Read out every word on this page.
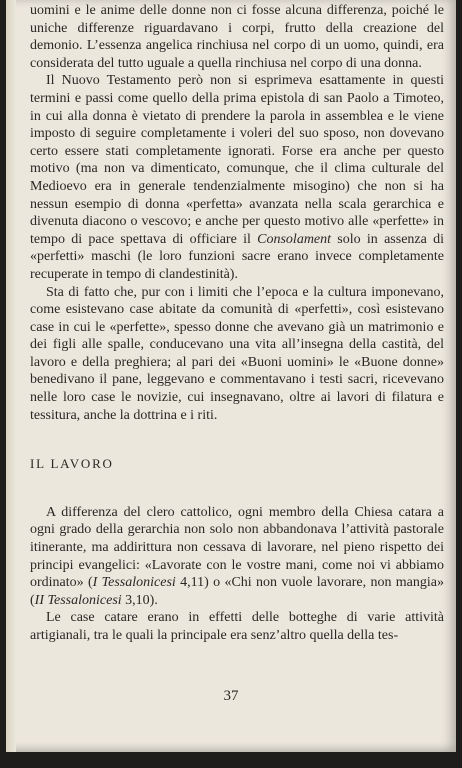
uomini e le anime delle donne non ci fosse alcuna differenza, poiché le uniche differenze riguardavano i corpi, frutto della creazione del demonio. L’essenza angelica rinchiusa nel corpo di un uomo, quindi, era considerata del tutto uguale a quella rinchiusa nel corpo di una donna.

Il Nuovo Testamento però non si esprimeva esattamente in questi termini e passi come quello della prima epistola di san Paolo a Timoteo, in cui alla donna è vietato di prendere la parola in assemblea e le viene imposto di seguire completamente i voleri del suo sposo, non dovevano certo essere stati completamente ignorati. Forse era anche per questo motivo (ma non va dimenticato, comunque, che il clima culturale del Medioevo era in generale tendenzialmente misogino) che non si ha nessun esempio di donna «perfetta» avanzata nella scala gerarchica e divenuta diacono o vescovo; e anche per questo motivo alle «perfette» in tempo di pace spettava di officiare il Consolament solo in assenza di «perfetti» maschi (le loro funzioni sacre erano invece completamente recuperate in tempo di clandestinità).

Sta di fatto che, pur con i limiti che l’epoca e la cultura imponevano, come esistevano case abitate da comunità di «perfetti», così esistevano case in cui le «perfette», spesso donne che avevano già un matrimonio e dei figli alle spalle, conducevano una vita all’insegna della castità, del lavoro e della preghiera; al pari dei «Buoni uomini» le «Buone donne» benedivano il pane, leggevano e commentavano i testi sacri, ricevevano nelle loro case le novizie, cui insegnavano, oltre ai lavori di filatura e tessitura, anche la dottrina e i riti.

IL LAVORO

A differenza del clero cattolico, ogni membro della Chiesa catara a ogni grado della gerarchia non solo non abbandonava l’attività pastorale itinerante, ma addirittura non cessava di lavorare, nel pieno rispetto dei principi evangelici: «Lavorate con le vostre mani, come noi vi abbiamo ordinato» (I Tessalonicesi 4,11) o «Chi non vuole lavorare, non mangia» (II Tessalonicesi 3,10).

Le case catare erano in effetti delle botteghe di varie attività artigianali, tra le quali la principale era senz’altro quella della tes-

37
